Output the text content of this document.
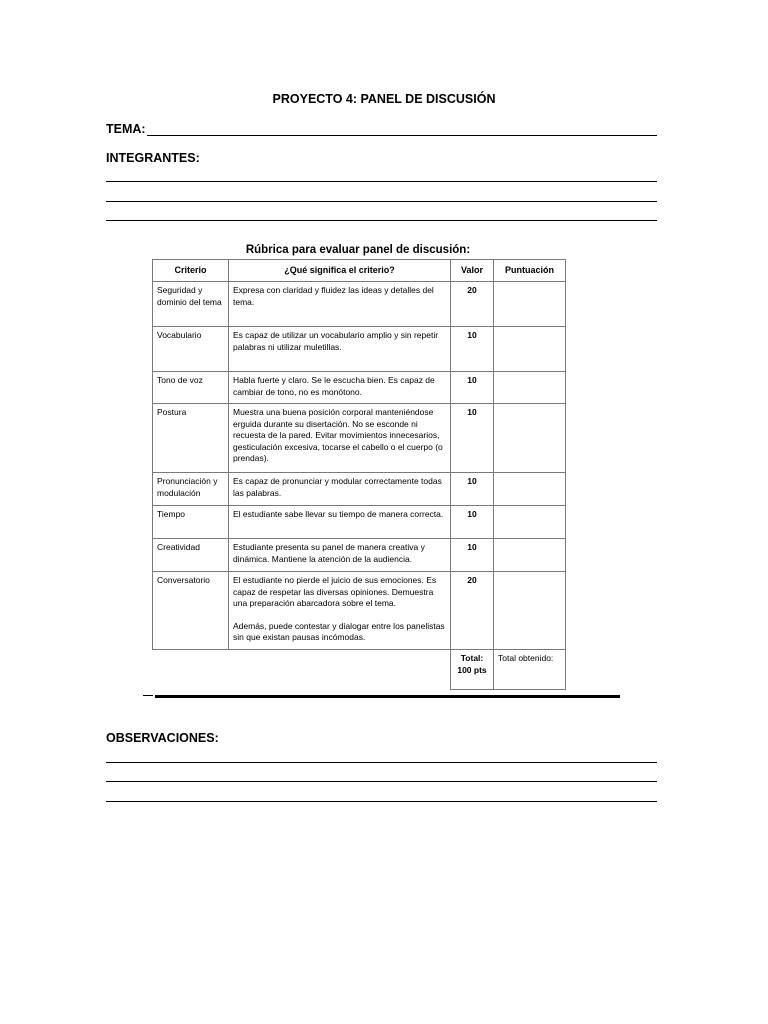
PROYECTO 4: PANEL DE DISCUSIÓN
TEMA:
INTEGRANTES:
Rúbrica para evaluar panel de discusión:
Criterio	¿Qué significa el criterio?	Valor	Puntuación
Seguridad y dominio del tema	Expresa con claridad y fluidez las ideas y detalles del tema.	20	
Vocabulario	Es capaz de utilizar un vocabulario amplio y sin repetir palabras ni utilizar muletillas.	10	
Tono de voz	Habla fuerte y claro. Se le escucha bien. Es capaz de cambiar de tono, no es monótono.	10	
Postura	Muestra una buena posición corporal manteniéndose erguida durante su disertación. No se esconde ni recuesta de la pared. Evitar movimientos innecesarios, gesticulación excesiva, tocarse el cabello o el cuerpo (o prendas).	10	
Pronunciación y modulación	Es capaz de pronunciar y modular correctamente todas las palabras.	10	
Tiempo	El estudiante sabe llevar su tiempo de manera correcta.	10	
Creatividad	Estudiante presenta su panel de manera creativa y dinámica. Mantiene la atención de la audiencia.	10	
Conversatorio	El estudiante no pierde el juicio de sus emociones. Es capaz de respetar las diversas opiniones. Demuestra una preparación abarcadora sobre el tema.
Además, puede contestar y dialogar entre los panelistas sin que existan pausas incómodas.	20	
		Total: 100 pts	Total obtenido:
OBSERVACIONES:
